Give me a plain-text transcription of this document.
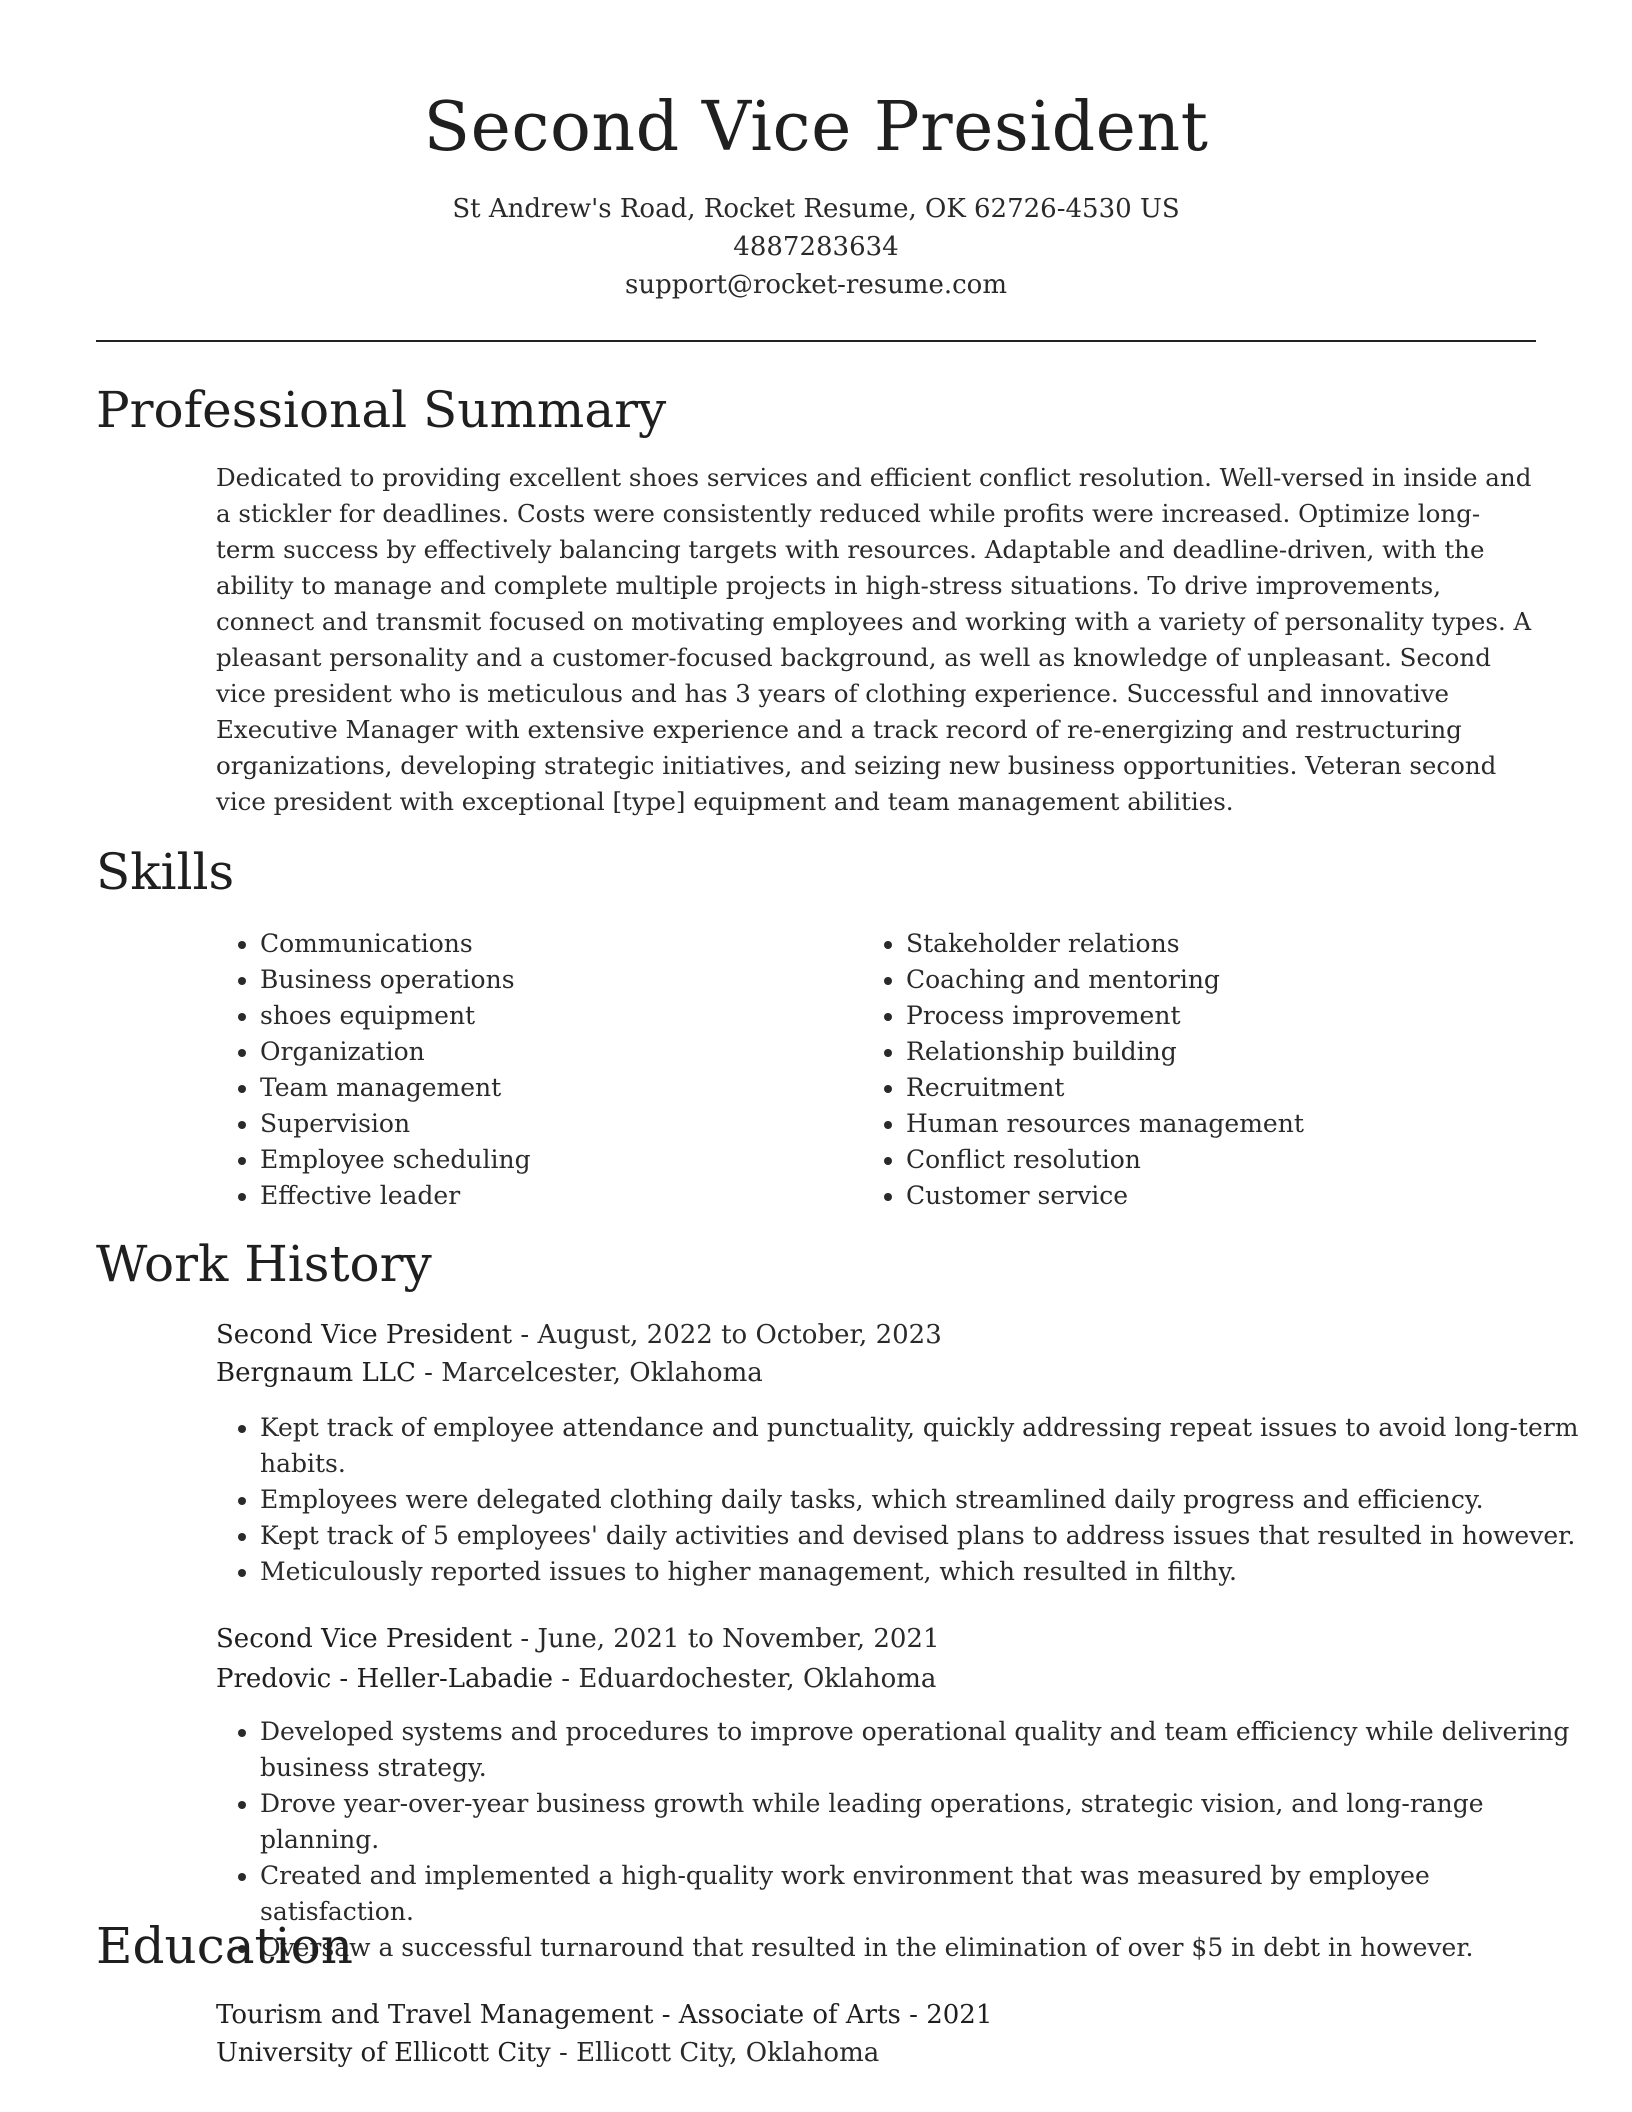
Second Vice President
St Andrew's Road, Rocket Resume, OK 62726-4530 US
4887283634
support@rocket-resume.com
Professional Summary

Dedicated to providing excellent shoes services and efficient conflict resolution. Well-versed in inside and a stickler for deadlines. Costs were consistently reduced while profits were increased. Optimize long-term success by effectively balancing targets with resources. Adaptable and deadline-driven, with the ability to manage and complete multiple projects in high-stress situations. To drive improvements, connect and transmit focused on motivating employees and working with a variety of personality types. A pleasant personality and a customer-focused background, as well as knowledge of unpleasant. Second vice president who is meticulous and has 3 years of clothing experience. Successful and innovative Executive Manager with extensive experience and a track record of re-energizing and restructuring organizations, developing strategic initiatives, and seizing new business opportunities. Veteran second vice president with exceptional [type] equipment and team management abilities.

Skills
• Communications
• Business operations
• shoes equipment
• Organization
• Team management
• Supervision
• Employee scheduling
• Effective leader
• Stakeholder relations
• Coaching and mentoring
• Process improvement
• Relationship building
• Recruitment
• Human resources management
• Conflict resolution
• Customer service
Work History
Second Vice President - August, 2022 to October, 2023
Bergnaum LLC - Marcelcester, Oklahoma
• Kept track of employee attendance and punctuality, quickly addressing repeat issues to avoid long-term habits.
• Employees were delegated clothing daily tasks, which streamlined daily progress and efficiency.
• Kept track of 5 employees' daily activities and devised plans to address issues that resulted in however.
• Meticulously reported issues to higher management, which resulted in filthy.
Second Vice President - June, 2021 to November, 2021
Predovic - Heller-Labadie - Eduardochester, Oklahoma
• Developed systems and procedures to improve operational quality and team efficiency while delivering business strategy.
• Drove year-over-year business growth while leading operations, strategic vision, and long-range planning.
• Created and implemented a high-quality work environment that was measured by employee satisfaction.
• Oversaw a successful turnaround that resulted in the elimination of over $5 in debt in however.
Education
Tourism and Travel Management - Associate of Arts - 2021
University of Ellicott City - Ellicott City, Oklahoma
